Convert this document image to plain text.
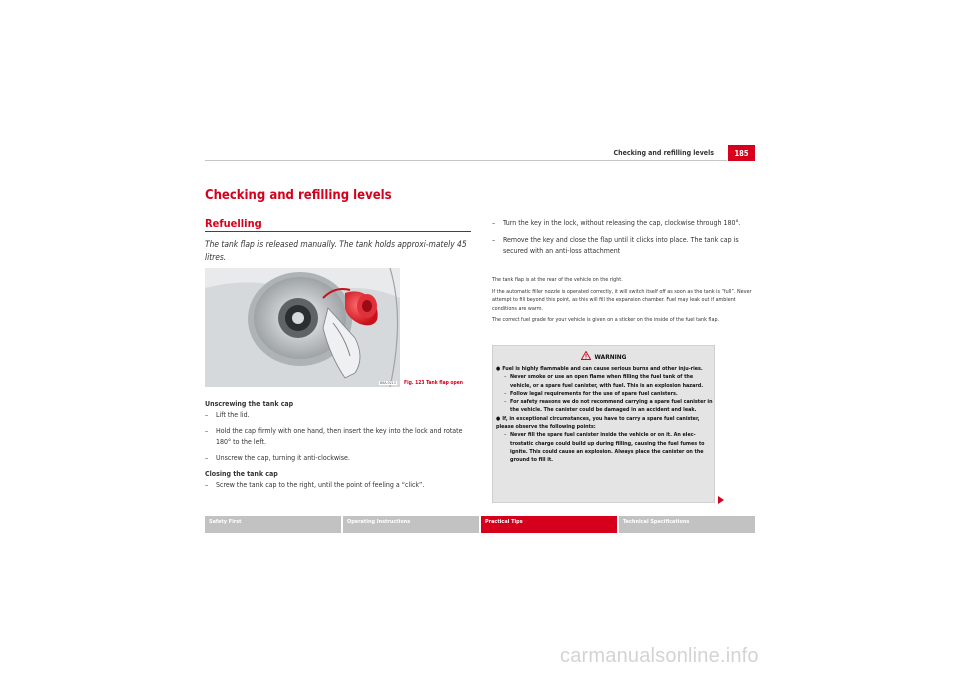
Checking and refilling levels	185
Checking and refilling levels
Refuelling
The tank flap is released manually. The tank holds approxi-mately 45 litres.
Fig. 123 Tank flap open
B6A-0213
Unscrewing the tank cap
– Lift the lid.
– Hold the cap firmly with one hand, then insert the key into the lock and rotate 180° to the left.
– Unscrew the cap, turning it anti-clockwise.
Closing the tank cap
– Screw the tank cap to the right, until the point of feeling a “click”.
– Turn the key in the lock, without releasing the cap, clockwise through 180°.
– Remove the key and close the flap until it clicks into place. The tank cap is secured with an anti-loss attachment

The tank flap is at the rear of the vehicle on the right.

If the automatic filler nozzle is operated correctly, it will switch itself off as soon as the tank is “full”. Never attempt to fill beyond this point, as this will fill the expansion chamber. Fuel may leak out if ambient conditions are warm.

The correct fuel grade for your vehicle is given on a sticker on the inside of the fuel tank flap.

WARNING
● Fuel is highly flammable and can cause serious burns and other inju-ries.
– Never smoke or use an open flame when filling the fuel tank of the vehicle, or a spare fuel canister, with fuel. This is an explosion hazard.
– Follow legal requirements for the use of spare fuel canisters.
– For safety reasons we do not recommend carrying a spare fuel canister in the vehicle. The canister could be damaged in an accident and leak.
● If, in exceptional circumstances, you have to carry a spare fuel canister, please observe the following points:
– Never fill the spare fuel canister inside the vehicle or on it. An elec-trostatic charge could build up during filling, causing the fuel fumes to ignite. This could cause an explosion. Always place the canister on the ground to fill it.
Safety First	Operating Instructions	Practical Tips	Technical Specifications
carmanualsonline.info
